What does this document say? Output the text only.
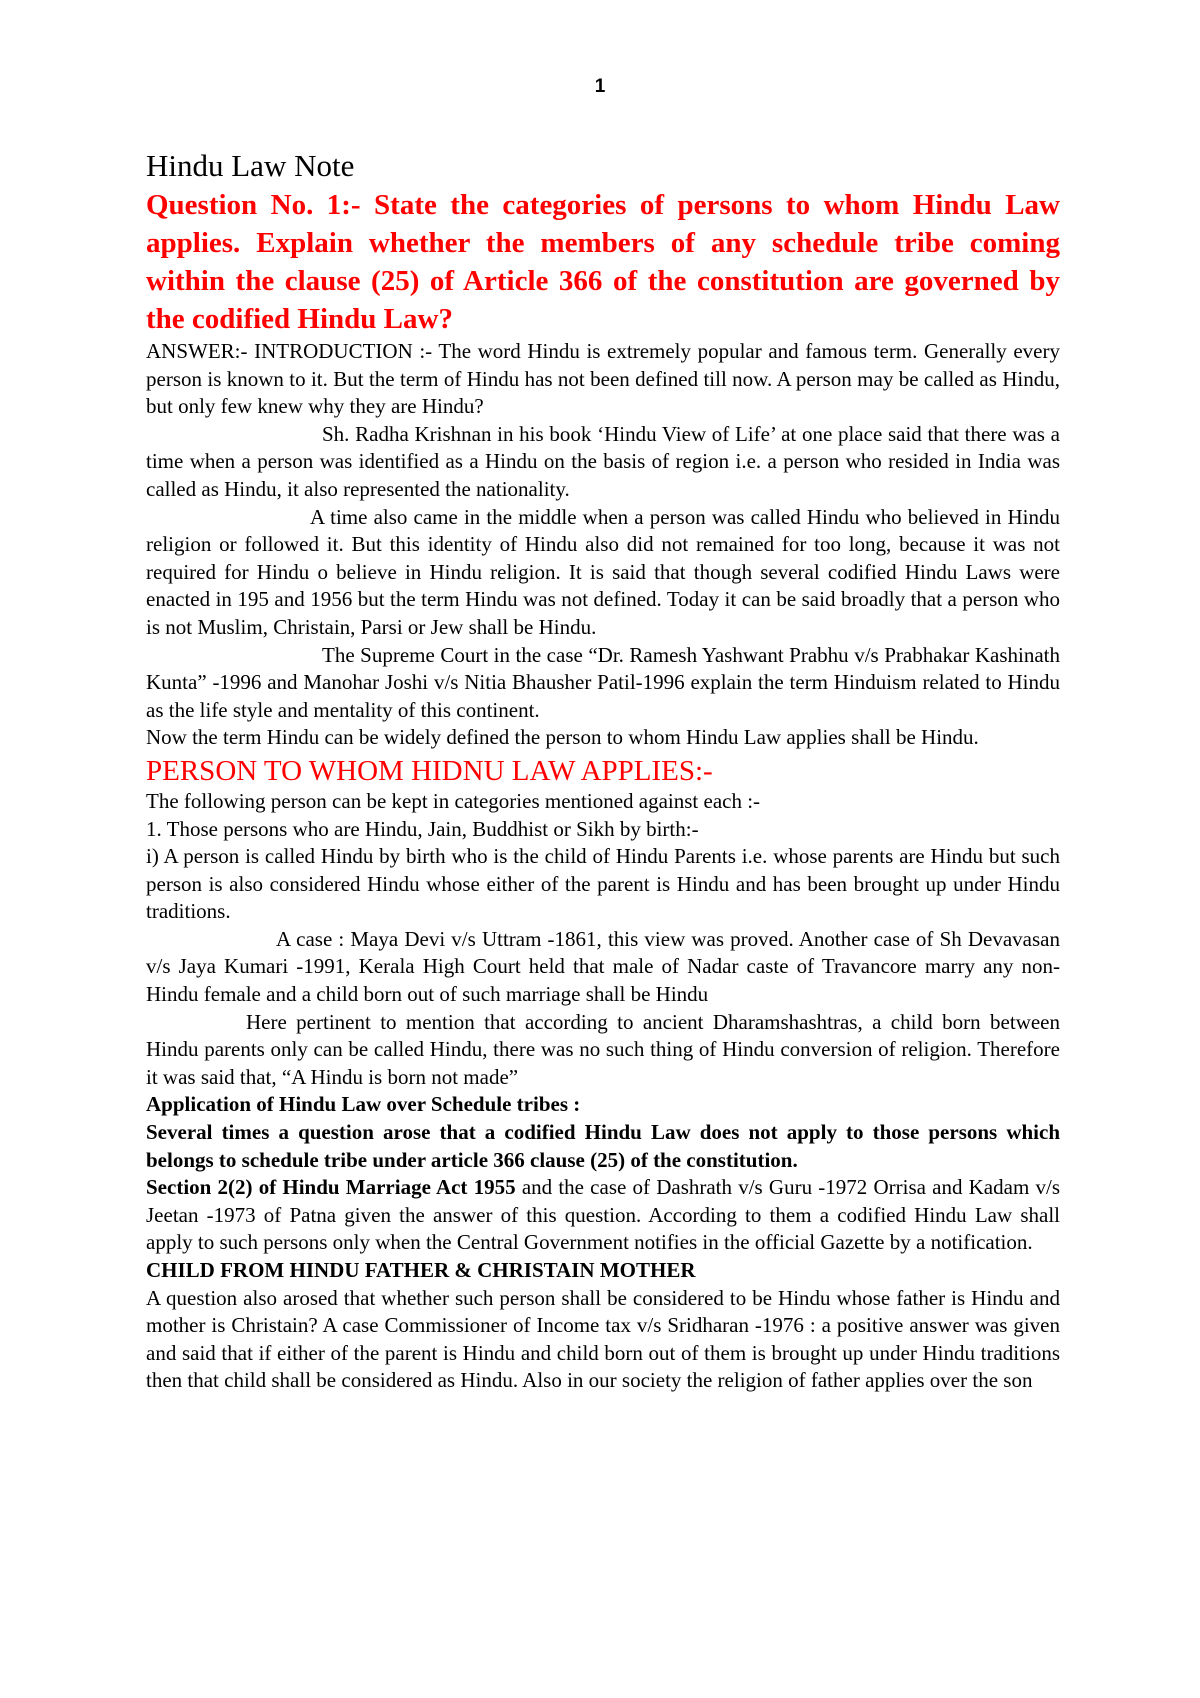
1
Hindu Law Note

Question No. 1:- State the categories of persons to whom Hindu Law applies. Explain whether the members of any schedule tribe coming within the clause (25) of Article 366 of the constitution are governed by the codified Hindu Law?

ANSWER:- INTRODUCTION :- The word Hindu is extremely popular and famous term. Generally every person is known to it. But the term of Hindu has not been defined till now. A person may be called as Hindu, but only few knew why they are Hindu?

Sh. Radha Krishnan in his book ‘Hindu View of Life’ at one place said that there was a time when a person was identified as a Hindu on the basis of region i.e. a person who resided in India was called as Hindu, it also represented the nationality.

A time also came in the middle when a person was called Hindu who believed in Hindu religion or followed it. But this identity of Hindu also did not remained for too long, because it was not required for Hindu o believe in Hindu religion. It is said that though several codified Hindu Laws were enacted in 195 and 1956 but the term Hindu was not defined. Today it can be said broadly that a person who is not Muslim, Christain, Parsi or Jew shall be Hindu.

The Supreme Court in the case “Dr. Ramesh Yashwant Prabhu v/s Prabhakar Kashinath Kunta” -1996 and Manohar Joshi v/s Nitia Bhausher Patil-1996 explain the term Hinduism related to Hindu as the life style and mentality of this continent.

Now the term Hindu can be widely defined the person to whom Hindu Law applies shall be Hindu.

PERSON TO WHOM HIDNU LAW APPLIES:-

The following person can be kept in categories mentioned against each :-

1. Those persons who are Hindu, Jain, Buddhist or Sikh by birth:-

i) A person is called Hindu by birth who is the child of Hindu Parents i.e. whose parents are Hindu but such person is also considered Hindu whose either of the parent is Hindu and has been brought up under Hindu traditions.

A case : Maya Devi v/s Uttram -1861, this view was proved. Another case of Sh Devavasan v/s Jaya Kumari -1991, Kerala High Court held that male of Nadar caste of Travancore marry any non-Hindu female and a child born out of such marriage shall be Hindu

Here pertinent to mention that according to ancient Dharamshashtras, a child born between Hindu parents only can be called Hindu, there was no such thing of Hindu conversion of religion. Therefore it was said that, “A Hindu is born not made”

Application of Hindu Law over Schedule tribes :

Several times a question arose that a codified Hindu Law does not apply to those persons which belongs to schedule tribe under article 366 clause (25) of the constitution.

Section 2(2) of Hindu Marriage Act 1955 and the case of Dashrath v/s Guru -1972 Orrisa and Kadam v/s Jeetan -1973 of Patna given the answer of this question. According to them a codified Hindu Law shall apply to such persons only when the Central Government notifies in the official Gazette by a notification.

CHILD FROM HINDU FATHER & CHRISTAIN MOTHER

A question also arosed that whether such person shall be considered to be Hindu whose father is Hindu and mother is Christain? A case Commissioner of Income tax v/s Sridharan -1976 : a positive answer was given and said that if either of the parent is Hindu and child born out of them is brought up under Hindu traditions then that child shall be considered as Hindu. Also in our society the religion of father applies over the son
